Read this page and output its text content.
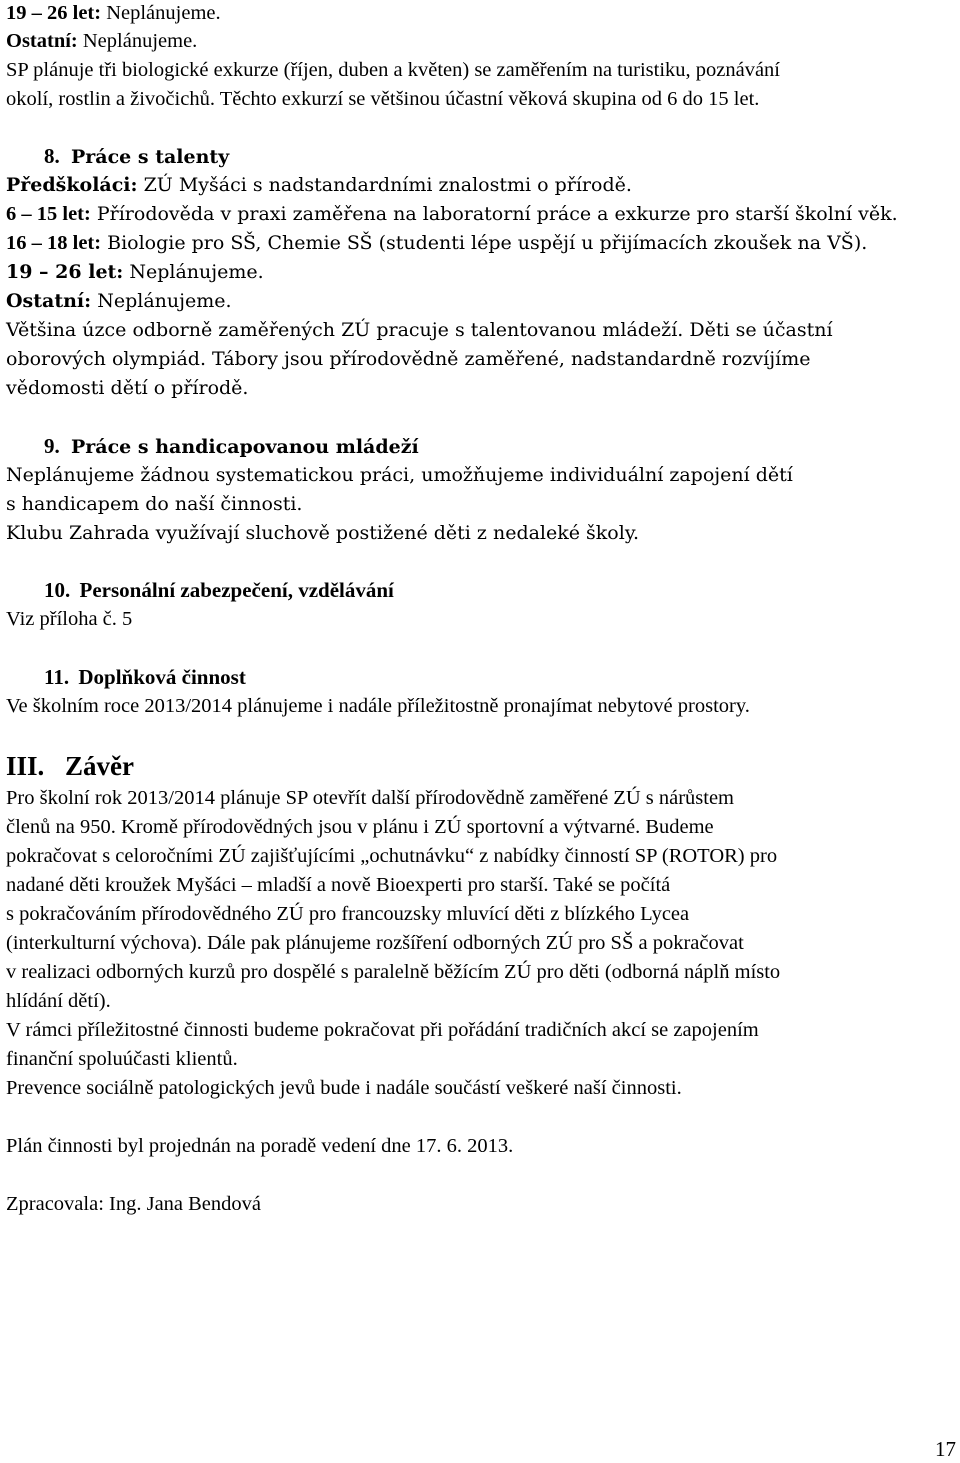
19 – 26 let: Neplánujeme.
Ostatní: Neplánujeme.
SP plánuje tři biologické exkurze (říjen, duben a květen) se zaměřením na turistiku, poznávání
okolí, rostlin a živočichů. Těchto exkurzí se většinou účastní věková skupina od 6 do 15 let.
8. Práce s talenty
Předškoláci: ZÚ Myšáci s nadstandardními znalostmi o přírodě.
6 – 15 let: Přírodověda v praxi zaměřena na laboratorní práce a exkurze pro starší školní věk.
16 – 18 let: Biologie pro SŠ, Chemie SŠ (studenti lépe uspějí u přijímacích zkoušek na VŠ).
19 – 26 let: Neplánujeme.
Ostatní: Neplánujeme.
Většina úzce odborně zaměřených ZÚ pracuje s talentovanou mládeží. Děti se účastní
oborových olympiád. Tábory jsou přírodovědně zaměřené, nadstandardně rozvíjíme
vědomosti dětí o přírodě.
9. Práce s handicapovanou mládeží
Neplánujeme žádnou systematickou práci, umožňujeme individuální zapojení dětí
s handicapem do naší činnosti.
Klubu Zahrada využívají sluchově postižené děti z nedaleké školy.
10. Personální zabezpečení, vzdělávání
Viz příloha č. 5
11. Doplňková činnost
Ve školním roce 2013/2014 plánujeme i nadále příležitostně pronajímat nebytové prostory.
III. Závěr
Pro školní rok 2013/2014 plánuje SP otevřít další přírodovědně zaměřené ZÚ s nárůstem
členů na 950. Kromě přírodovědných jsou v plánu i ZÚ sportovní a výtvarné. Budeme
pokračovat s celoročními ZÚ zajišťujícími „ochutnávku“ z nabídky činností SP (ROTOR) pro
nadané děti kroužek Myšáci – mladší a nově Bioexperti pro starší. Také se počítá
s pokračováním přírodovědného ZÚ pro francouzsky mluvící děti z blízkého Lycea
(interkulturní výchova). Dále pak plánujeme rozšíření odborných ZÚ pro SŠ a pokračovat
v realizaci odborných kurzů pro dospělé s paralelně běžícím ZÚ pro děti (odborná náplň místo
hlídání dětí).
V rámci příležitostné činnosti budeme pokračovat při pořádání tradičních akcí se zapojením
finanční spoluúčasti klientů.
Prevence sociálně patologických jevů bude i nadále součástí veškeré naší činnosti.
Plán činnosti byl projednán na poradě vedení dne 17. 6. 2013.
Zpracovala: Ing. Jana Bendová
17
